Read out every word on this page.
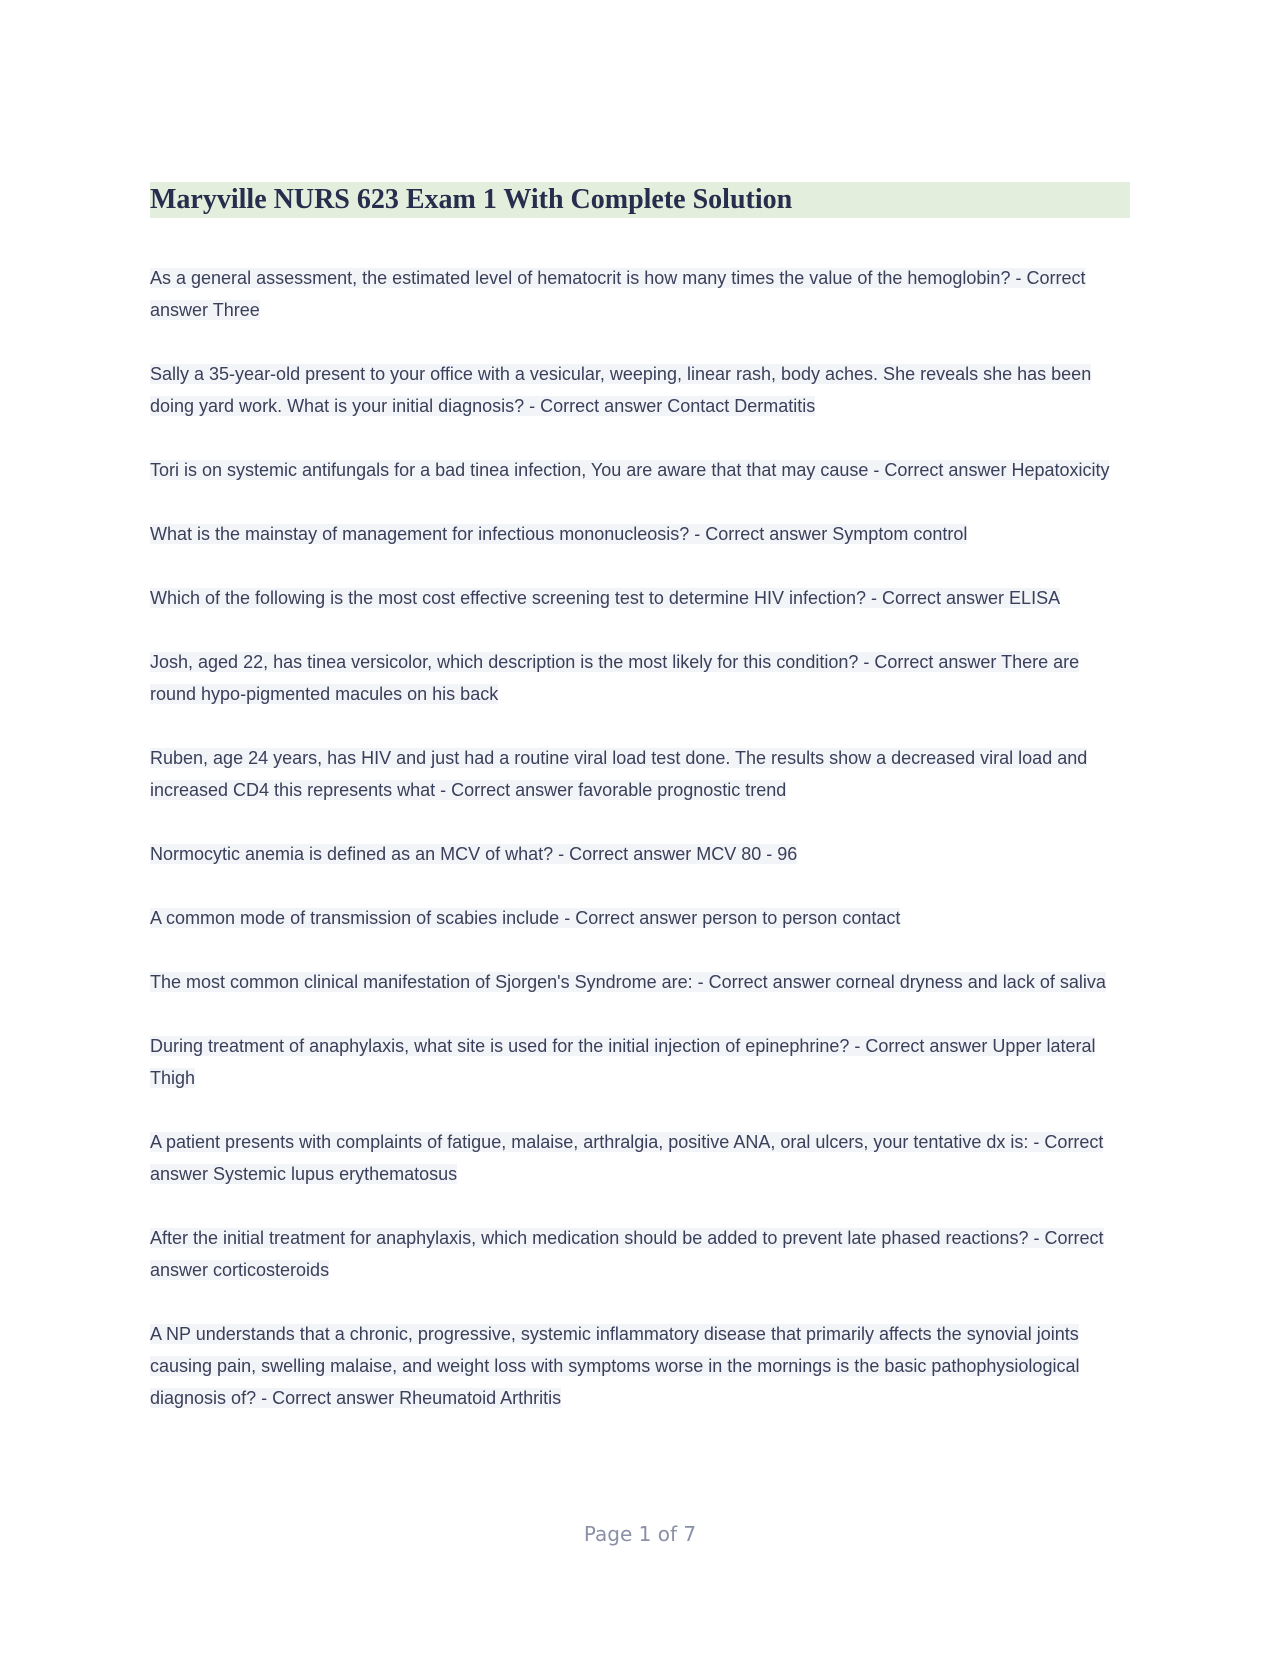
Maryville NURS 623 Exam 1 With Complete Solution

As a general assessment, the estimated level of hematocrit is how many times the value of the hemoglobin? - Correct answer Three

Sally a 35-year-old present to your office with a vesicular, weeping, linear rash, body aches. She reveals she has been doing yard work. What is your initial diagnosis? - Correct answer Contact Dermatitis

Tori is on systemic antifungals for a bad tinea infection, You are aware that that may cause - Correct answer Hepatoxicity

What is the mainstay of management for infectious mononucleosis? - Correct answer Symptom control

Which of the following is the most cost effective screening test to determine HIV infection? - Correct answer ELISA

Josh, aged 22, has tinea versicolor, which description is the most likely for this condition? - Correct answer There are round hypo-pigmented macules on his back

Ruben, age 24 years, has HIV and just had a routine viral load test done. The results show a decreased viral load and increased CD4 this represents what - Correct answer favorable prognostic trend

Normocytic anemia is defined as an MCV of what? - Correct answer MCV 80 - 96

A common mode of transmission of scabies include - Correct answer person to person contact

The most common clinical manifestation of Sjorgen's Syndrome are: - Correct answer corneal dryness and lack of saliva

During treatment of anaphylaxis, what site is used for the initial injection of epinephrine? - Correct answer Upper lateral Thigh

A patient presents with complaints of fatigue, malaise, arthralgia, positive ANA, oral ulcers, your tentative dx is: - Correct answer Systemic lupus erythematosus

After the initial treatment for anaphylaxis, which medication should be added to prevent late phased reactions? - Correct answer corticosteroids

A NP understands that a chronic, progressive, systemic inflammatory disease that primarily affects the synovial joints causing pain, swelling malaise, and weight loss with symptoms worse in the mornings is the basic pathophysiological diagnosis of? - Correct answer Rheumatoid Arthritis

Page 1 of 7
